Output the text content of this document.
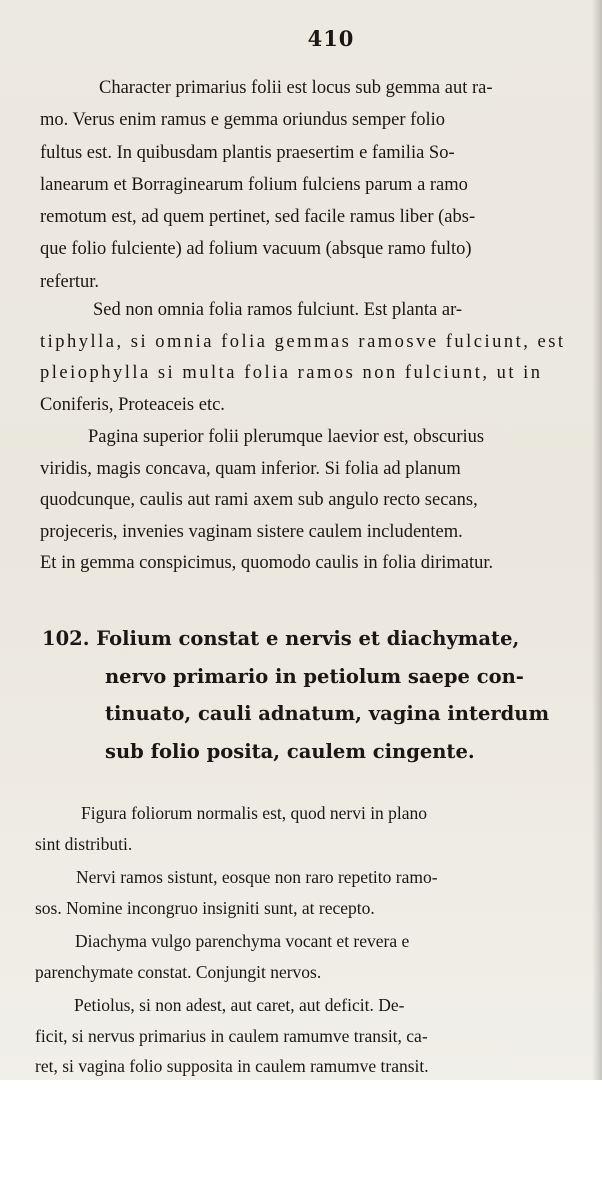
410

Character primarius folii est locus sub gemma aut ra-
mo. Verus enim ramus e gemma oriundus semper folio
fultus est. In quibusdam plantis praesertim e familia So-
lanearum et Borraginearum folium fulciens parum a ramo
remotum est, ad quem pertinet, sed facile ramus liber (abs-
que folio fulciente) ad folium vacuum (absque ramo fulto)
refertur.

Sed non omnia folia ramos fulciunt. Est planta ar-
tiphylla, si omnia folia gemmas ramosve fulciunt, est
pleiophylla si multa folia ramos non fulciunt, ut in
Coniferis, Proteaceis etc.

Pagina superior folii plerumque laevior est, obscurius
viridis, magis concava, quam inferior. Si folia ad planum
quodcunque, caulis aut rami axem sub angulo recto secans,
projeceris, invenies vaginam sistere caulem includentem.
Et in gemma conspicimus, quomodo caulis in folia dirimatur.

102. Folium constat e nervis et diachymate,
nervo primario in petiolum saepe con-
tinuato, cauli adnatum, vagina interdum
sub folio posita, caulem cingente.

Figura foliorum normalis est, quod nervi in plano
sint distributi.

Nervi ramos sistunt, eosque non raro repetito ramo-
sos. Nomine incongruo insigniti sunt, at recepto.

Diachyma vulgo parenchyma vocant et revera e
parenchymate constat. Conjungit nervos.

Petiolus, si non adest, aut caret, aut deficit. De-
ficit, si nervus primarius in caulem ramumve transit, ca-
ret, si vagina folio supposita in caulem ramumve transit.
